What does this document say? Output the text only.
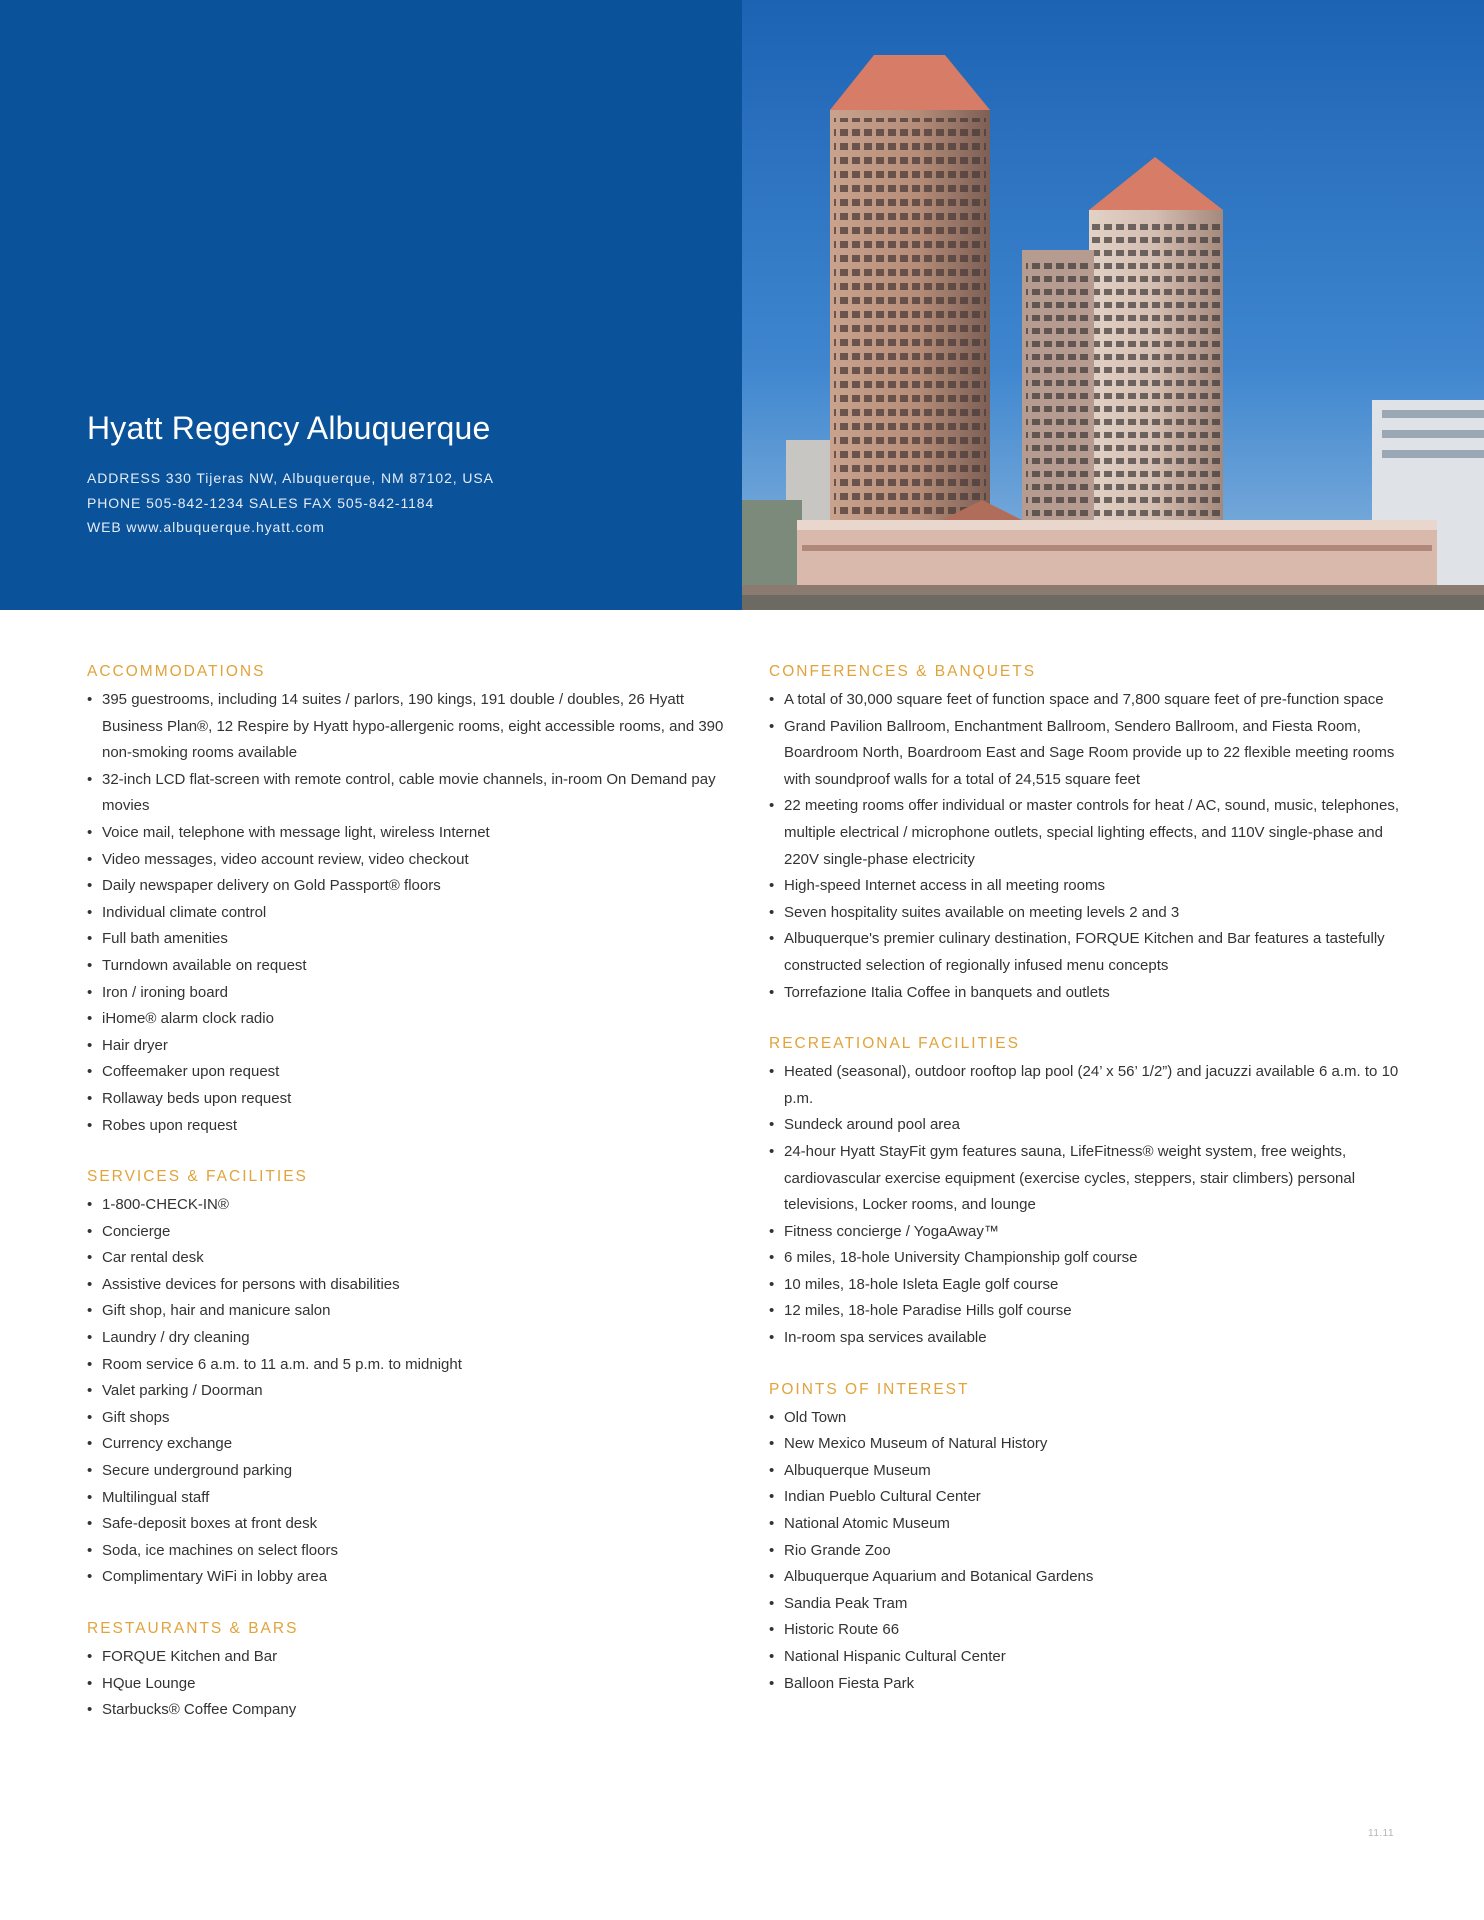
Hyatt Regency Albuquerque
ADDRESS 330 Tijeras NW, Albuquerque, NM 87102, USA
PHONE 505-842-1234 SALES FAX 505-842-1184
WEB www.albuquerque.hyatt.com
ACCOMMODATIONS
• 395 guestrooms, including 14 suites / parlors, 190 kings, 191 double / doubles, 26 Hyatt Business Plan®, 12 Respire by Hyatt hypo-allergenic rooms, eight accessible rooms, and 390 non-smoking rooms available
• 32-inch LCD flat-screen with remote control, cable movie channels, in-room On Demand pay movies
• Voice mail, telephone with message light, wireless Internet
• Video messages, video account review, video checkout
• Daily newspaper delivery on Gold Passport® floors
• Individual climate control
• Full bath amenities
• Turndown available on request
• Iron / ironing board
• iHome® alarm clock radio
• Hair dryer
• Coffeemaker upon request
• Rollaway beds upon request
• Robes upon request
SERVICES & FACILITIES
• 1-800-CHECK-IN®
• Concierge
• Car rental desk
• Assistive devices for persons with disabilities
• Gift shop, hair and manicure salon
• Laundry / dry cleaning
• Room service 6 a.m. to 11 a.m. and 5 p.m. to midnight
• Valet parking / Doorman
• Gift shops
• Currency exchange
• Secure underground parking
• Multilingual staff
• Safe-deposit boxes at front desk
• Soda, ice machines on select floors
• Complimentary WiFi in lobby area
RESTAURANTS & BARS
• FORQUE Kitchen and Bar
• HQue Lounge
• Starbucks® Coffee Company
CONFERENCES & BANQUETS
• A total of 30,000 square feet of function space and 7,800 square feet of pre-function space
• Grand Pavilion Ballroom, Enchantment Ballroom, Sendero Ballroom, and Fiesta Room, Boardroom North, Boardroom East and Sage Room provide up to 22 flexible meeting rooms with soundproof walls for a total of 24,515 square feet
• 22 meeting rooms offer individual or master controls for heat / AC, sound, music, telephones, multiple electrical / microphone outlets, special lighting effects, and 110V single-phase and 220V single-phase electricity
• High-speed Internet access in all meeting rooms
• Seven hospitality suites available on meeting levels 2 and 3
• Albuquerque's premier culinary destination, FORQUE Kitchen and Bar features a tastefully constructed selection of regionally infused menu concepts
• Torrefazione Italia Coffee in banquets and outlets
RECREATIONAL FACILITIES
• Heated (seasonal), outdoor rooftop lap pool (24’ x 56’ 1/2”) and jacuzzi available 6 a.m. to 10 p.m.
• Sundeck around pool area
• 24-hour Hyatt StayFit gym features sauna, LifeFitness® weight system, free weights, cardiovascular exercise equipment (exercise cycles, steppers, stair climbers) personal televisions, Locker rooms, and lounge
• Fitness concierge / YogaAway™
• 6 miles, 18-hole University Championship golf course
• 10 miles, 18-hole Isleta Eagle golf course
• 12 miles, 18-hole Paradise Hills golf course
• In-room spa services available
POINTS OF INTEREST
• Old Town
• New Mexico Museum of Natural History
• Albuquerque Museum
• Indian Pueblo Cultural Center
• National Atomic Museum
• Rio Grande Zoo
• Albuquerque Aquarium and Botanical Gardens
• Sandia Peak Tram
• Historic Route 66
• National Hispanic Cultural Center
• Balloon Fiesta Park
11.11
